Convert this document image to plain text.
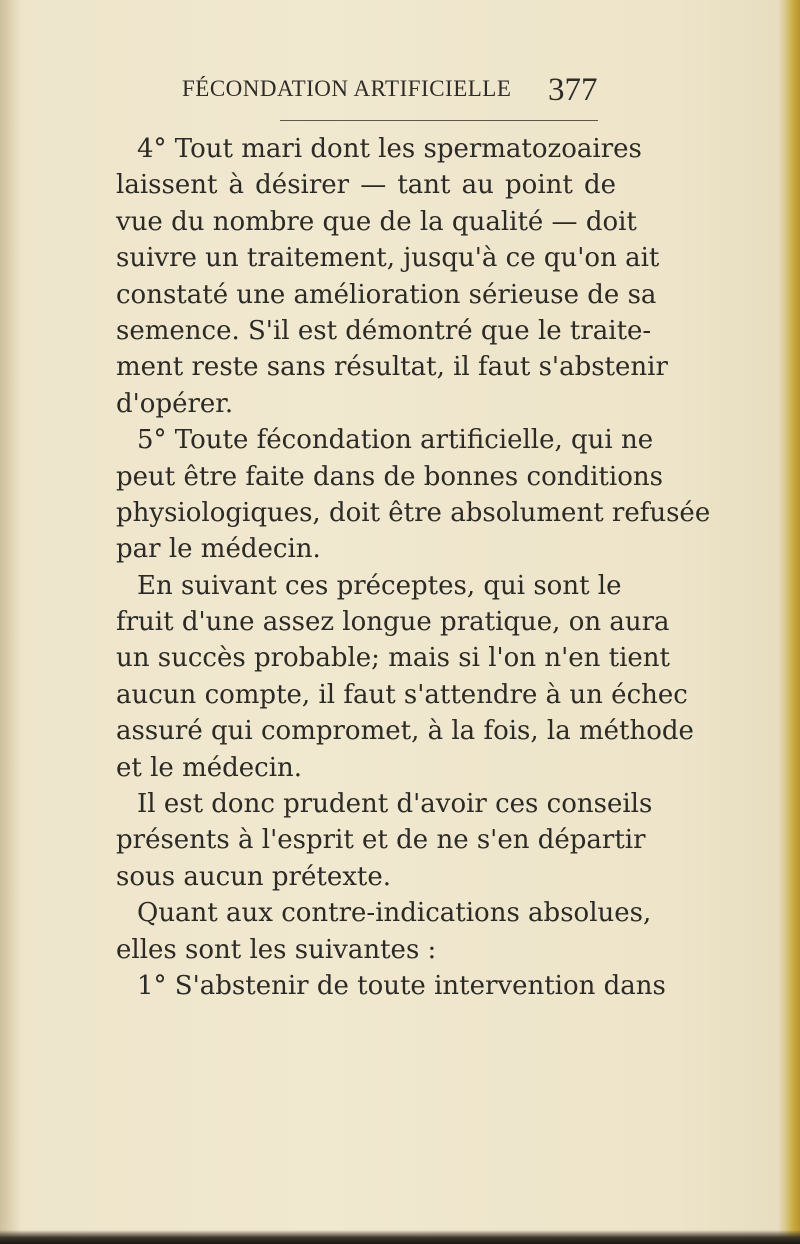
FÉCONDATION ARTIFICIELLE 377
4° Tout mari dont les spermatozoaires
laissent à désirer — tant au point de
vue du nombre que de la qualité — doit
suivre un traitement, jusqu'à ce qu'on ait
constaté une amélioration sérieuse de sa
semence. S'il est démontré que le traite-
ment reste sans résultat, il faut s'abstenir
d'opérer.
5° Toute fécondation artificielle, qui ne
peut être faite dans de bonnes conditions
physiologiques, doit être absolument refusée
par le médecin.
En suivant ces préceptes, qui sont le
fruit d'une assez longue pratique, on aura
un succès probable; mais si l'on n'en tient
aucun compte, il faut s'attendre à un échec
assuré qui compromet, à la fois, la méthode
et le médecin.
Il est donc prudent d'avoir ces conseils
présents à l'esprit et de ne s'en départir
sous aucun prétexte.
Quant aux contre-indications absolues,
elles sont les suivantes :
1° S'abstenir de toute intervention dans
